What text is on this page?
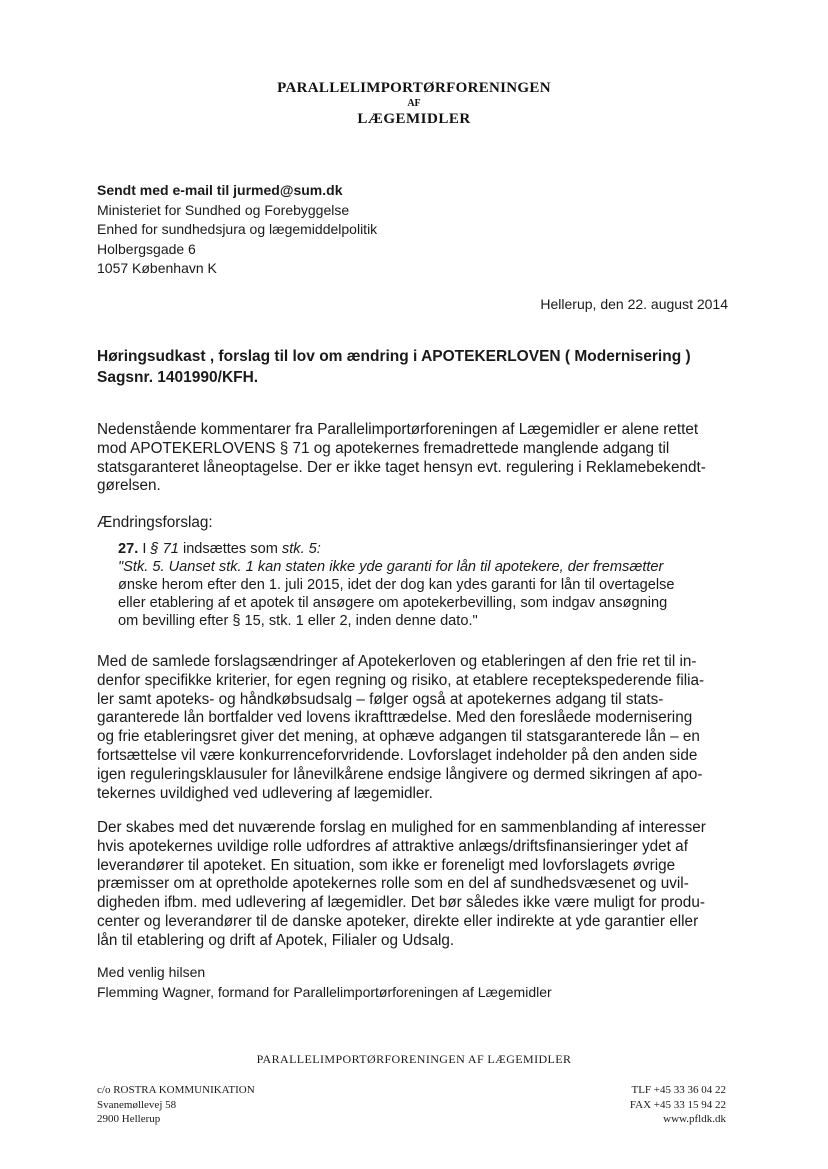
PARALLELIMPORTØRFORENINGEN
AF
LÆGEMIDLER
Sendt med e-mail til jurmed@sum.dk
Ministeriet for Sundhed og Forebyggelse
Enhed for sundhedsjura og lægemiddelpolitik
Holbergsgade 6
1057 København K
Hellerup, den 22. august 2014
Høringsudkast , forslag til lov om ændring i APOTEKERLOVEN ( Modernisering )
Sagsnr. 1401990/KFH.
Nedenstående kommentarer fra Parallelimportørforeningen af Lægemidler er alene rettet
mod APOTEKERLOVENS § 71 og apotekernes fremadrettede manglende adgang til
statsgaranteret låneoptagelse. Der er ikke taget hensyn evt. regulering i Reklamebekendt-
gørelsen.
Ændringsforslag:
27. I § 71 indsættes som stk. 5:
"Stk. 5. Uanset stk. 1 kan staten ikke yde garanti for lån til apotekere, der fremsætter
ønske herom efter den 1. juli 2015, idet der dog kan ydes garanti for lån til overtagelse
eller etablering af et apotek til ansøgere om apotekerbevilling, som indgav ansøgning
om bevilling efter § 15, stk. 1 eller 2, inden denne dato."
Med de samlede forslagsændringer af Apotekerloven og etableringen af den frie ret til in-
denfor specifikke kriterier, for egen regning og risiko, at etablere receptekspederende filia-
ler samt apoteks- og håndkøbsudsalg – følger også at apotekernes adgang til stats-
garanterede lån bortfalder ved lovens ikrafttrædelse. Med den foreslåede modernisering
og frie etableringsret giver det mening, at ophæve adgangen til statsgaranterede lån – en
fortsættelse vil være konkurrenceforvridende. Lovforslaget indeholder på den anden side
igen reguleringsklausuler for lånevilkårene endsige långivere og dermed sikringen af apo-
tekernes uvildighed ved udlevering af lægemidler.
Der skabes med det nuværende forslag en mulighed for en sammenblanding af interesser
hvis apotekernes uvildige rolle udfordres af attraktive anlægs/driftsfinansieringer ydet af
leverandører til apoteket. En situation, som ikke er foreneligt med lovforslagets øvrige
præmisser om at opretholde apotekernes rolle som en del af sundhedsvæsenet og uvil-
digheden ifbm. med udlevering af lægemidler. Det bør således ikke være muligt for produ-
center og leverandører til de danske apoteker, direkte eller indirekte at yde garantier eller
lån til etablering og drift af Apotek, Filialer og Udsalg.
Med venlig hilsen
Flemming Wagner, formand for Parallelimportørforeningen af Lægemidler
PARALLELIMPORTØRFORENINGEN AF LÆGEMIDLER
c/o ROSTRA KOMMUNIKATION
Svanemøllevej 58
2900 Hellerup
TLF +45 33 36 04 22
FAX +45 33 15 94 22
www.pfldk.dk
